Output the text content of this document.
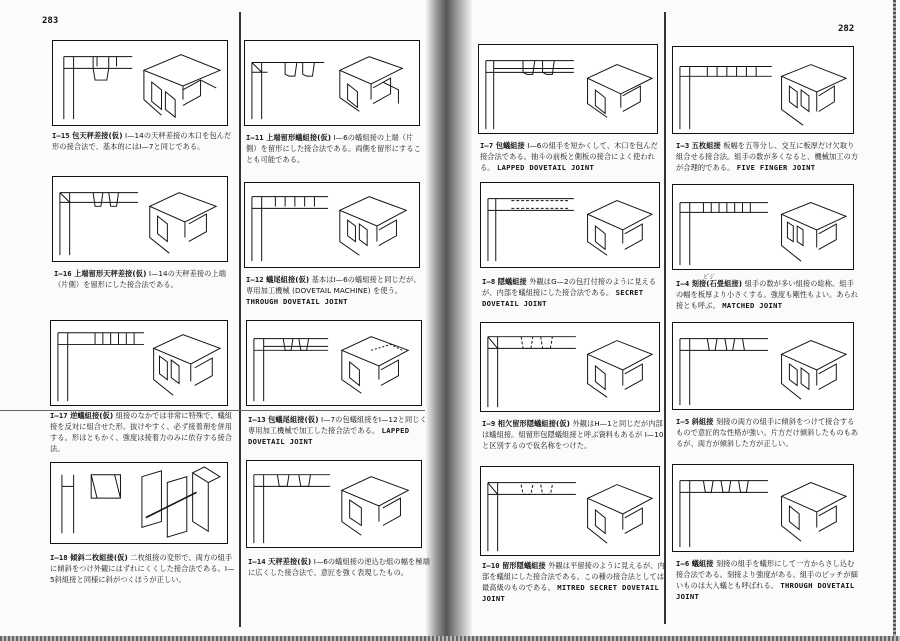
283
282
I—15 包天秤差接(仮) I—14の天秤差接の木口を包んだ形の接合法で、基本的にはI—7と同じである。
I—11 上端留形蟻組接(仮) I—6の蟻組接の上端（片側）を留形にした接合法である。両側を留形にすることも可能である。
I—7 包蟻組接 I—6の組手を短かくして、木口を包んだ接合法である。抽斗の前板と側板の接合によく使われる。 LAPPED DOVETAIL JOINT
I—3 五枚組接 板幅を五等分し、交互に板厚だけ欠取り組合せる接合法。組手の数が多くなると、機械加工の方が合理的である。 FIVE FINGER JOINT
I—16 上端留形天秤差接(仮) I—14の天秤差接の上端（片側）を留形にした接合法である。
I—12 蟻尾組接(仮) 基本はI—6の蟻組接と同じだが、専用加工機械 (DOVETAIL MACHINE) を使う。 THROUGH DOVETAIL JOINT
I—8 隠蟻組接 外観はG—2の包打付接のように見えるが、内部を蟻組接にした接合法である。 SECRET DOVETAIL JOINT
ﾋﾟｼﾞ
I—4 刻接(石畳組接) 組手の数が多い組接の総称。組手の幅を板厚より小さくする。強度も剛性もよい。あられ接とも呼ぶ。 MATCHED JOINT
I—17 逆蟻組接(仮) 組接のなかでは非常に特殊で、蟻組接を反対に組合せた形。抜けやすく、必ず接着剤を併用する。形はともかく、強度は接着力のみに依存する接合法。
I—13 包蟻尾組接(仮) I—7の包蟻組接をI—12と同じく専用加工機械で加工した接合法である。 LAPPED DOVETAIL JOINT
I—9 相欠留形隠蟻組接(仮) 外観はH—1と同じだが内部は蟻組接。組留形包隠蟻組接と呼ぶ資料もあるが I—10と区別するので仮名称をつけた。
I—5 斜組接 刻接の両方の組手に傾斜をつけて接合するもので意匠的な性格が強い。片方だけ傾斜したものもあるが、両方が傾斜した方が正しい。
I—18 傾斜二枚組接(仮) 二枚組接の変形で、両方の組手に傾斜をつけ外観にはずれにくくした接合法である。I—5斜組接と同様に斜がつくほうが正しい。
I—14 天秤差接(仮) I—6の蟻組接の逆込む組の幅を極端に広くした接合法で、意匠を強く表現したもの。
I—10 留形隠蟻組接 外観は平留接のように見えるが、内部を蟻組にした接合法である。この種の接合法としては最高級のものである。 MITRED SECRET DOVETAIL JOINT
I—6 蟻組接 刻接の組手を蟻形にして一方からさし込む接合法である。刻接より強度がある。組手のピッチが細いものは大入蟻とも呼ばれる。 THROUGH DOVETAIL JOINT
